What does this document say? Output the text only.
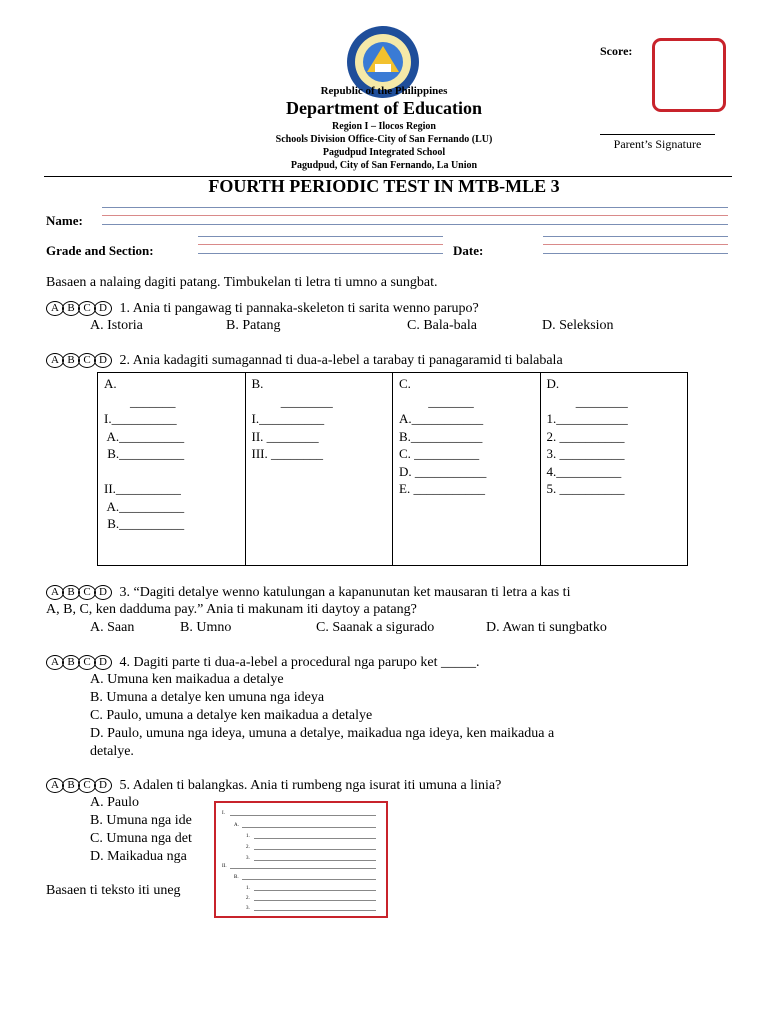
Republic of the Philippines
Department of Education
Region I – Ilocos Region
Schools Division Office-City of San Fernando (LU)
Pagudpud Integrated School
Pagudpud, City of San Fernando, La Union
Score:
Parent’s Signature
FOURTH PERIODIC TEST IN MTB-MLE 3
Name:
Grade and Section:	Date:
Basaen a nalaing dagiti patang. Timbukelan ti letra ti umno a sungbat.
A B C D 1. Ania ti pangawag ti pannaka-skeleton ti sarita wenno parupo?
A. Istoria	B. Patang	C. Bala-bala	D. Seleksion
A B C D 2. Ania kadagiti sumagannad ti dua-a-lebel a tarabay ti panagaramid ti balabala
A.
_______
I.__________
A.__________
B.__________

II.__________
A.__________
B.__________
B.
________
I.__________
II. ________
III. ________
C.
_______
A.___________
B.___________
C. __________
D. ___________
E. ___________
D.
________
1.___________
2. __________
3. __________
4.__________
5. __________
A B C D 3. “Dagiti detalye wenno katulungan a kapanunutan ket mausaran ti letra a kas ti
A, B, C, ken dadduma pay.” Ania ti makunam iti daytoy a patang?
A. Saan	B. Umno	C. Saanak a sigurado	D. Awan ti sungbatko
A B C D 4. Dagiti parte ti dua-a-lebel a procedural nga parupo ket _____.
A. Umuna ken maikadua a detalye
B. Umuna a detalye ken umuna nga ideya
C. Paulo, umuna a detalye ken maikadua a detalye
D. Paulo, umuna nga ideya, umuna a detalye, maikadua nga ideya, ken maikadua a
detalye.
A B C D 5. Adalen ti balangkas. Ania ti rumbeng nga isurat iti umuna a linia?
A. Paulo
B. Umuna nga ide
C. Umuna nga det
D. Maikadua nga
Basaen ti teksto iti uneg
I.
A.
1.
2.
3.
II.
B.
1.
2.
3.
